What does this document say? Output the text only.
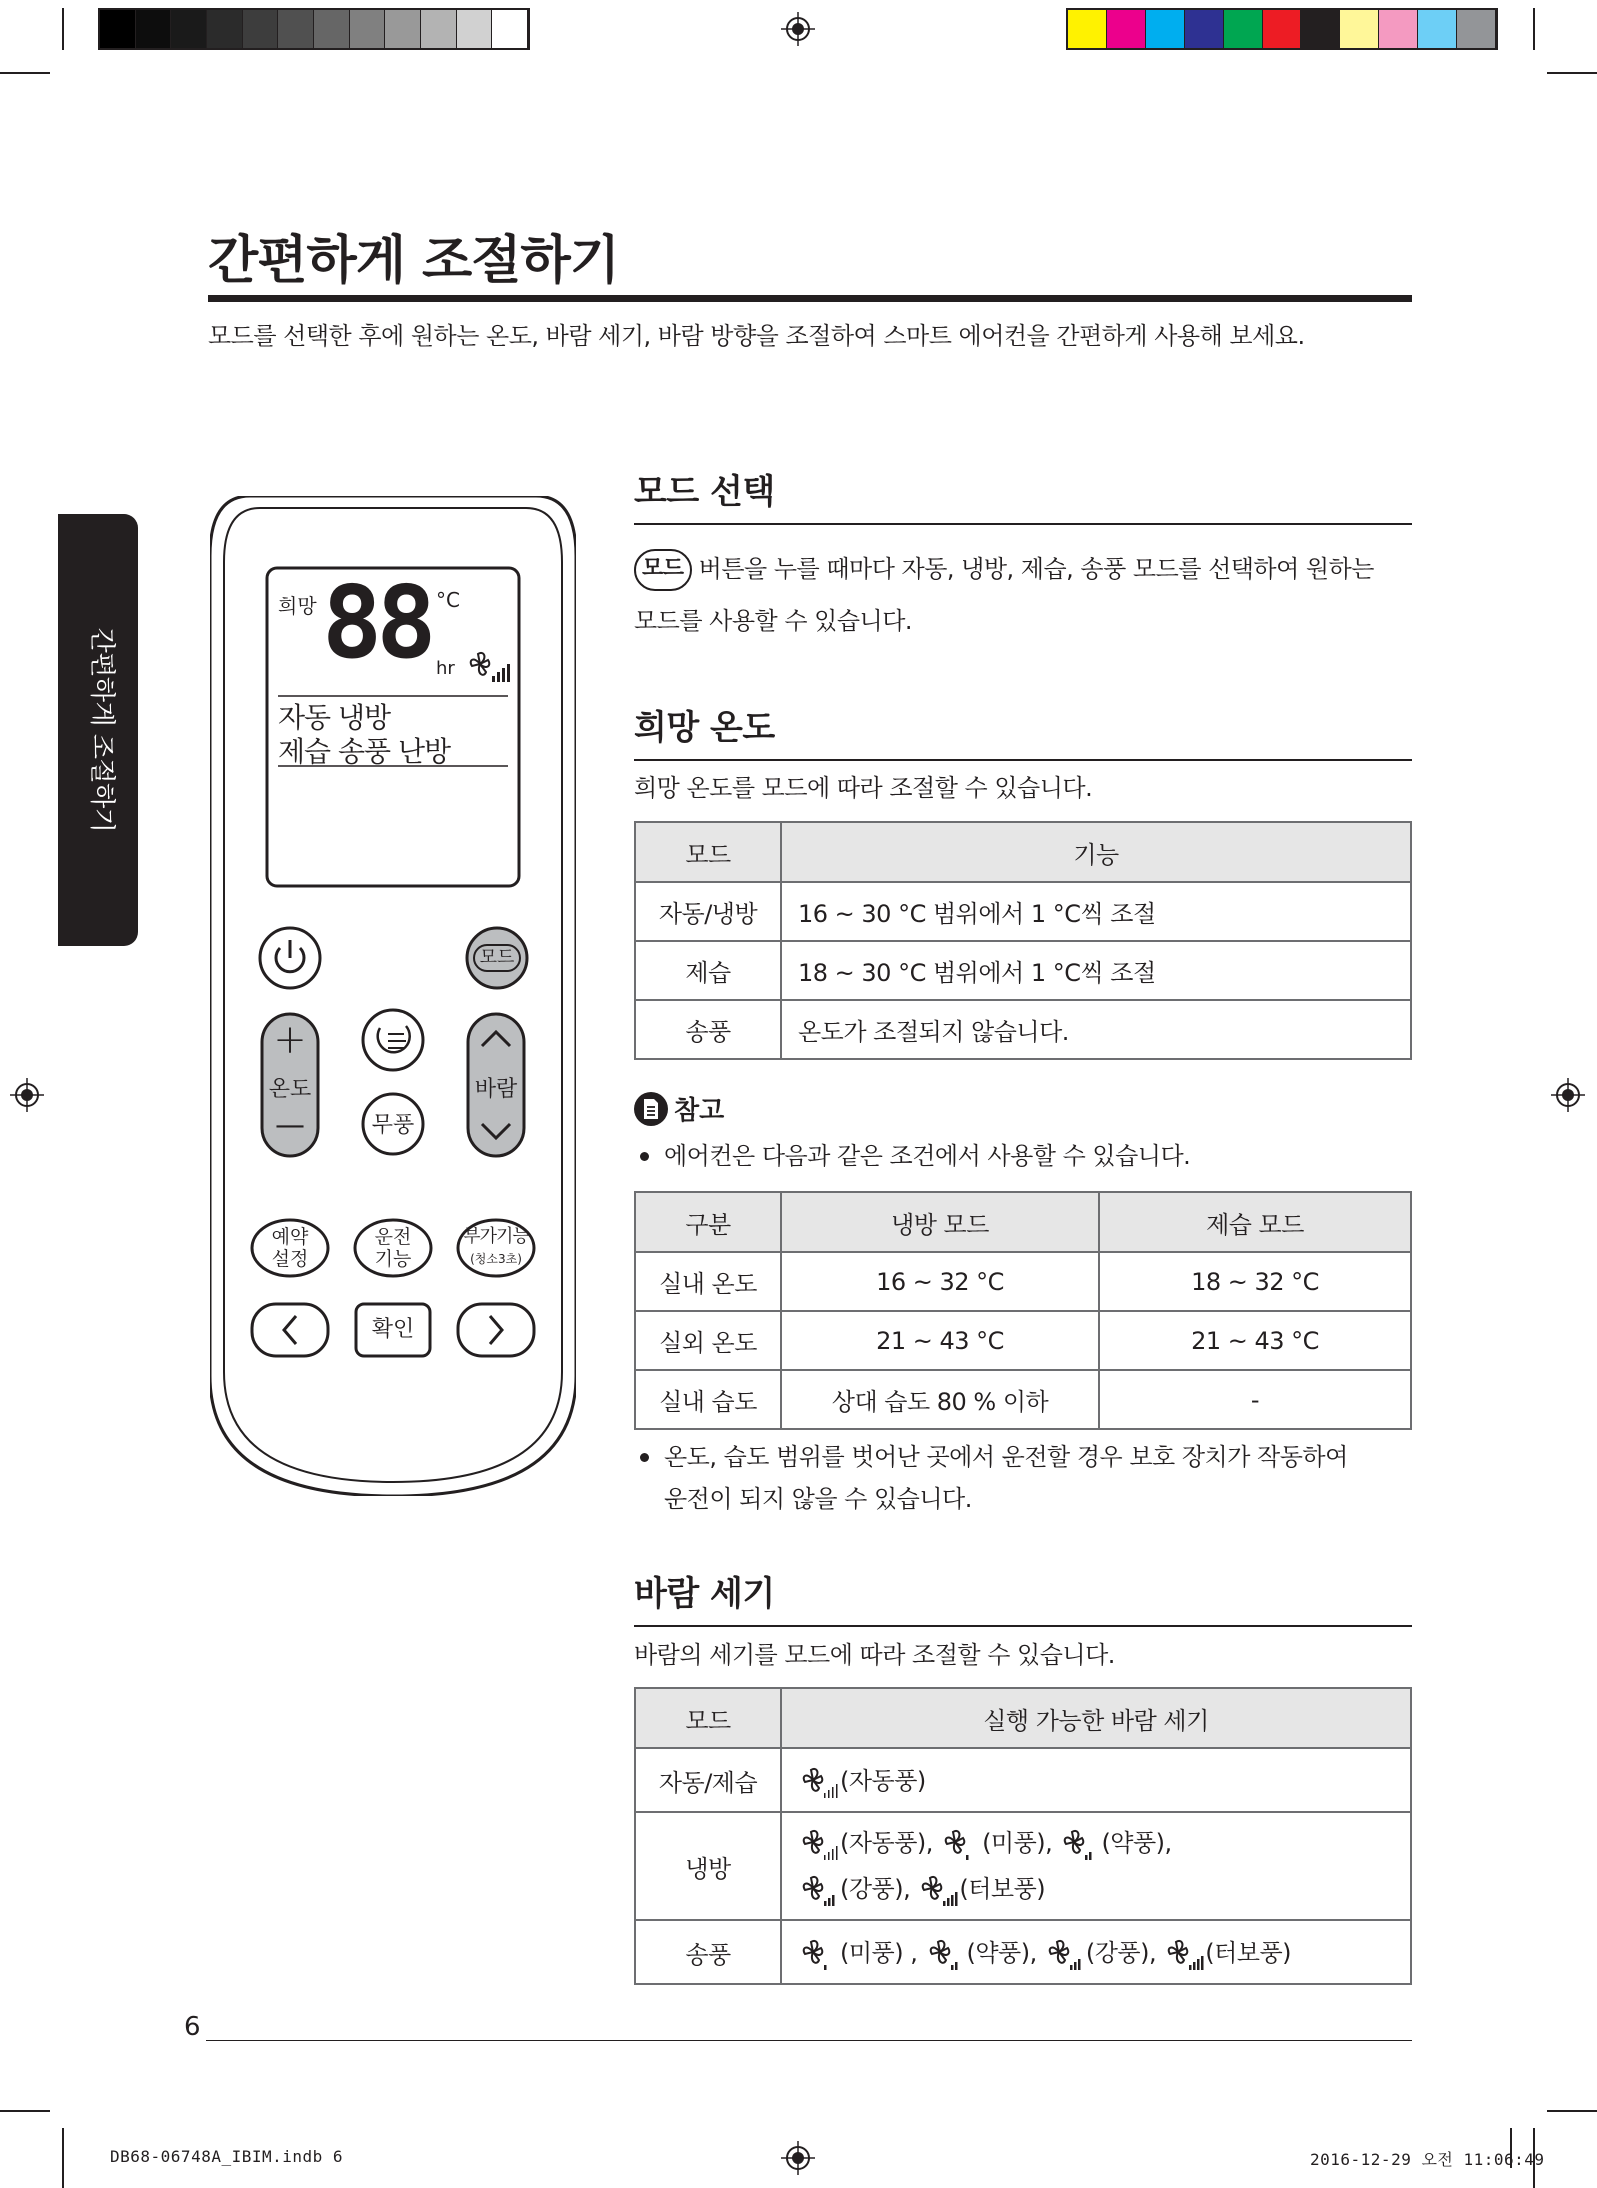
간편하게 조절하기
모드를 선택한 후에 원하는 온도, 바람 세기, 바람 방향을 조절하여 스마트 에어컨을 간편하게 사용해 보세요.
간편하게 조절하기
희망 88 °C
hr
자동 냉방
제습 송풍 난방
모드
+
온도
—
바람
무풍
예약
설정
운전
기능
부가기능
(청소3초)
확인
모드 선택
모드 버튼을 누를 때마다 자동, 냉방, 제습, 송풍 모드를 선택하여 원하는
모드를 사용할 수 있습니다.
희망 온도
희망 온도를 모드에 따라 조절할 수 있습니다.
모드	기능
자동/냉방	16 ~ 30 °C 범위에서 1 °C씩 조절
제습	18 ~ 30 °C 범위에서 1 °C씩 조절
송풍	온도가 조절되지 않습니다.
참고
에어컨은 다음과 같은 조건에서 사용할 수 있습니다.
구분	냉방 모드	제습 모드
실내 온도	16 ~ 32 °C	18 ~ 32 °C
실외 온도	21 ~ 43 °C	21 ~ 43 °C
실내 습도	상대 습도 80 % 이하	-
온도, 습도 범위를 벗어난 곳에서 운전할 경우 보호 장치가 작동하여
운전이 되지 않을 수 있습니다.
바람 세기
바람의 세기를 모드에 따라 조절할 수 있습니다.
모드	실행 가능한 바람 세기
자동/제습	(자동풍)
냉방	(자동풍), (미풍), (약풍),
(강풍), (터보풍)
송풍	(미풍) , (약풍), (강풍), (터보풍)
6
DB68-06748A_IBIM.indb 6	2016-12-29 오전 11:06:49
